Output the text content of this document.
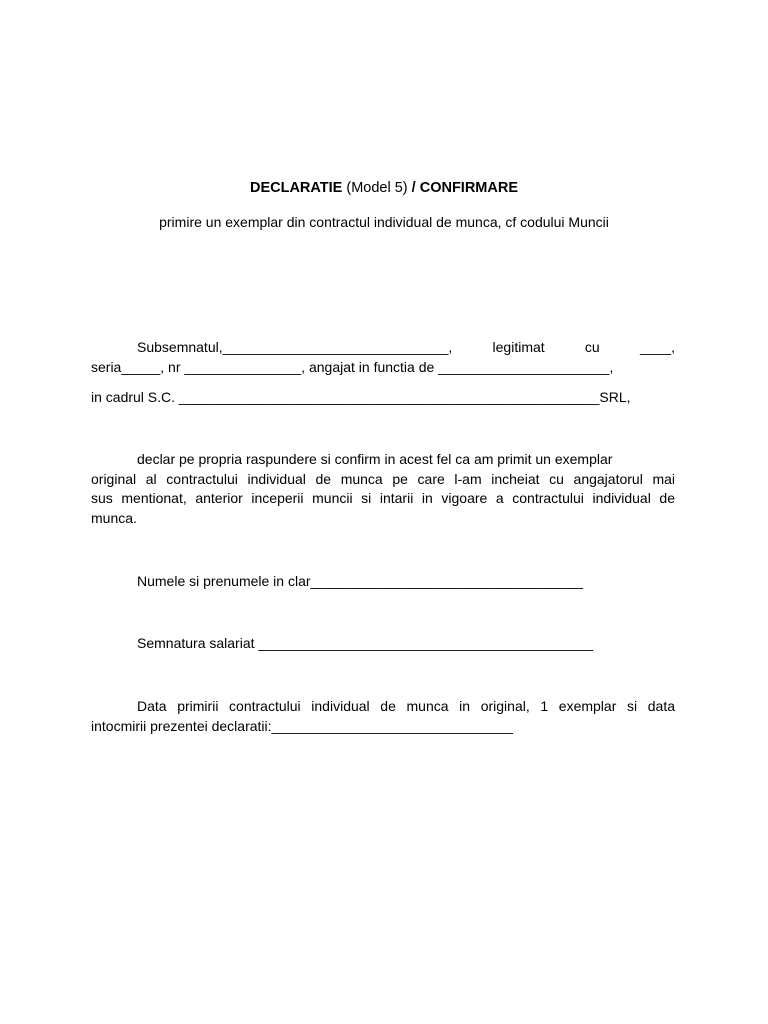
DECLARATIE (Model 5) / CONFIRMARE
primire un exemplar din contractul individual de munca, cf codului Muncii
Subsemnatul,_____________________________,	legitimat	cu	____,
seria_____, nr _______________, angajat in functia de ______________________,
in cadrul S.C. ______________________________________________________SRL,
declar pe propria raspundere si confirm in acest fel ca am primit un exemplar
original al contractului individual de munca pe care l-am incheiat cu angajatorul mai
sus mentionat, anterior inceperii muncii si intarii in vigoare a contractului individual de
munca.
Numele si prenumele in clar___________________________________
Semnatura salariat ___________________________________________
Data primirii contractului individual de munca in original, 1 exemplar si data
intocmirii prezentei declaratii:_______________________________
